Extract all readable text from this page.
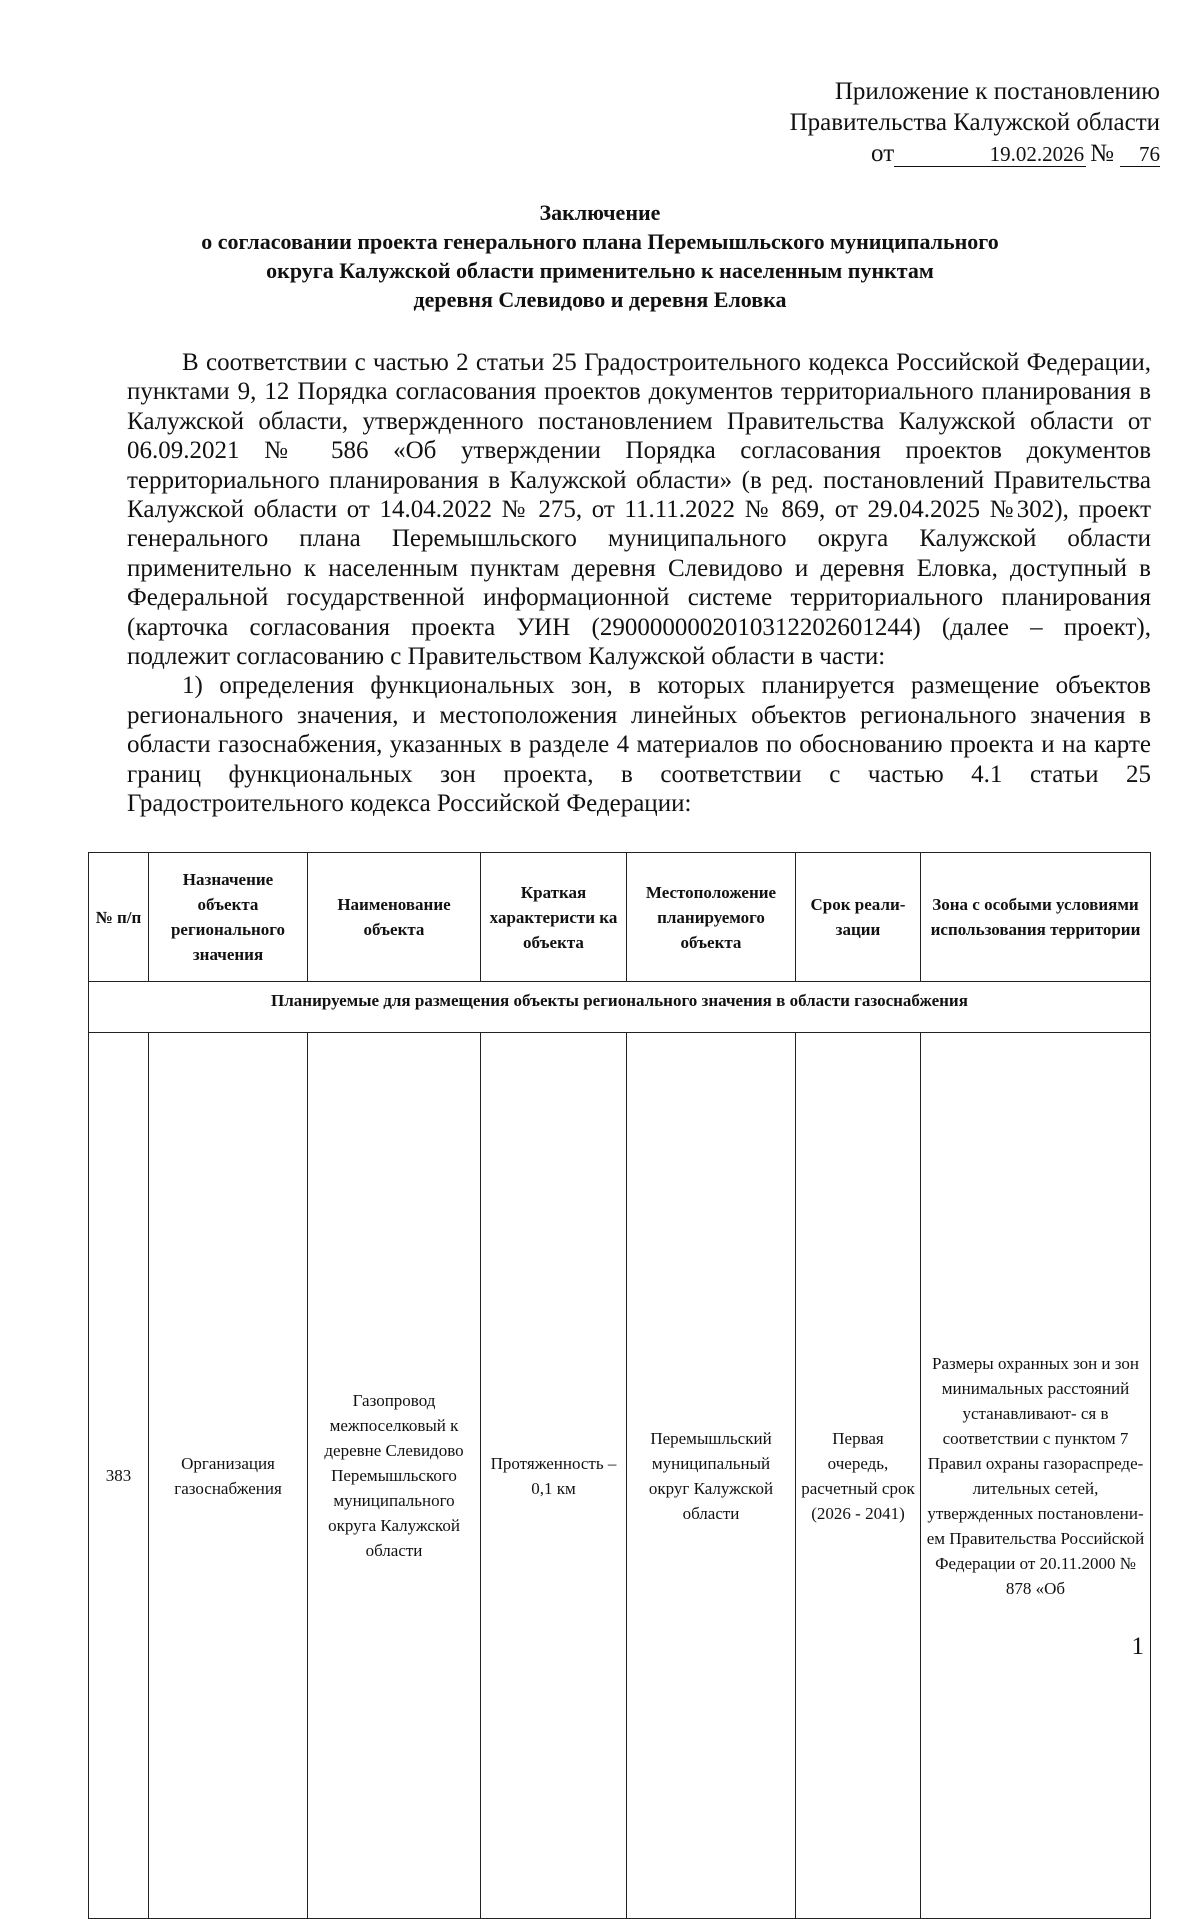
Приложение к постановлению
Правительства Калужской области
от	19.02.2026 №	76
Заключение
о согласовании проекта генерального плана Перемышльского муниципального
округа Калужской области применительно к населенным пунктам
деревня Слевидово и деревня Еловка

В соответствии с частью 2 статьи 25 Градостроительного кодекса Российской Федерации, пунктами 9, 12 Порядка согласования проектов документов территориального планирования в Калужской области, утвержденного постановлением Правительства Калужской области от 06.09.2021 № 586 «Об утверждении Порядка согласования проектов документов территориального планирования в Калужской области» (в ред. постановлений Правительства Калужской области от 14.04.2022 № 275, от 11.11.2022 № 869, от 29.04.2025 №302), проект генерального плана Перемышльского муниципального округа Калужской области применительно к населенным пунктам деревня Слевидово и деревня Еловка, доступный в Федеральной государственной информационной системе территориального планирования (карточка согласования проекта УИН (290000000201031220260124​4) (далее – проект), подлежит согласованию с Правительством Калужской области в части:

1) определения функциональных зон, в которых планируется размещение объектов регионального значения, и местоположения линейных объектов регионального значения в области газоснабжения, указанных в разделе 4 материалов по обоснованию проекта и на карте границ функциональных зон проекта, в соответствии с частью 4.1 статьи 25 Градостроительного кодекса Российской Федерации:

№ п/п	Назначение объекта регионального значения	Наименование объекта	Краткая характеристи ка объекта	Местоположение планируемого объекта	Срок реали- зации	Зона с особыми условиями использования территории
Планируемые для размещения объекты регионального значения в области газоснабжения						
383	Организация газоснабжения	Газопровод межпоселковый к деревне Слевидово Перемышльского муниципального округа Калужской области	Протяженность – 0,1 км	Перемышльский муниципальный округ Калужской области	Первая очередь, расчетный срок (2026 - 2041)	Размеры охранных зон и зон минимальных расстояний устанавливают- ся в соответствии с пунктом 7 Правил охраны газораспреде- лительных сетей, утвержденных постановлени- ем Правительства Российской Федерации от 20.11.2000 № 878 «Об
1
